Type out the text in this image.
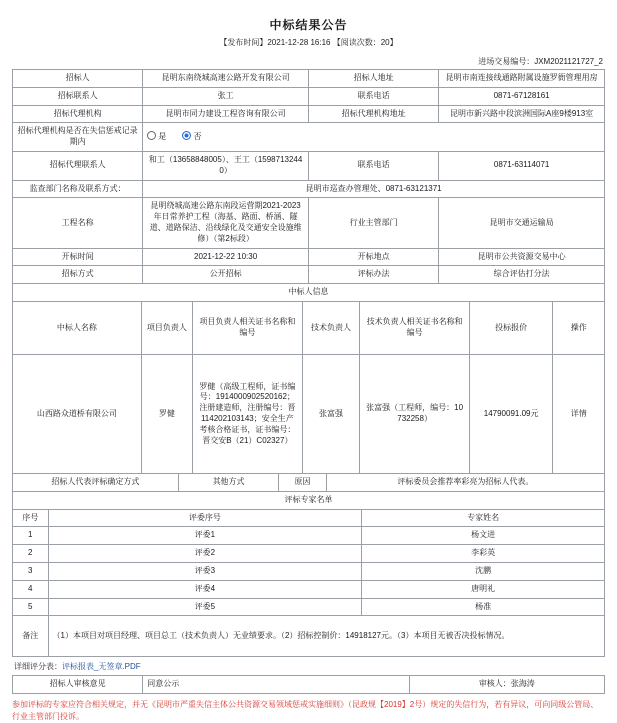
中标结果公告
【发布时间】2021-12-28 16:16 【阅读次数：20】
进场交易编号：JXM2021121727_2
招标人	昆明东南绕城高速公路开发有限公司	招标人地址	昆明市南连接线通路附属设施罗衙管理用房
招标联系人	张工	联系电话	0871-67128161
招标代理机构	昆明市同力建设工程咨询有限公司	招标代理机构地址	昆明市新兴路中段滨洲国际A座9楼913室
招标代理机构是否在失信惩戒记录期内	是 否		
招标代理联系人	和工（13658848005）、王工（15987132440）	联系电话	0871-63114071
监查部门名称及联系方式：	昆明市巡查办管理处、0871-63121371		
工程名称	昆明绕城高速公路东南段运营期2021-2023年日常养护工程（海基、路面、桥涵、隧道、道路保洁、沿线绿化及交通安全设施维修）（第2标段）	行业主管部门	昆明市交通运输局
开标时间	2021-12-22 10:30	开标地点	昆明市公共资源交易中心
招标方式	公开招标	评标办法	综合评估打分法
中标人信息			
中标人名称	项目负责人	项目负责人相关证书名称和编号	技术负责人	技术负责人相关证书名称和编号	投标报价	操作
山西路众道桥有限公司	罗健	罗健（高级工程师，证书编号：1914000902520162；注册建造师，注册编号：晋114202103143；安全生产考核合格证书，证书编号：晋交安B（21）C02327）	张富强	张富强（工程师，编号：10732258）	14790091.09元	详情
招标人代表评标确定方式	其他方式	原因	评标委员会推荐率彩亮为招标人代表。
评标专家名单
序号	评委序号	专家姓名
1	评委1	杨文进
2	评委2	李彩英
3	评委3	沈鹏
4	评委4	唐明礼
5	评委5	杨准
备注	（1）本项目对项目经理、项目总工（技术负责人）无业绩要求。（2）招标控制价：14918127元。（3）本项目无被否决投标情况。	
详细评分表：评标报表_无签章.PDF
招标人审核意见	同意公示	审核人：张海涛
参加评标的专家应符合相关规定，并无《昆明市严重失信主体公共资源交易领域惩戒实施细则》（昆政规【2019】2号）规定的失信行为，若有异议，可向同级公管局、行业主管部门投诉。
